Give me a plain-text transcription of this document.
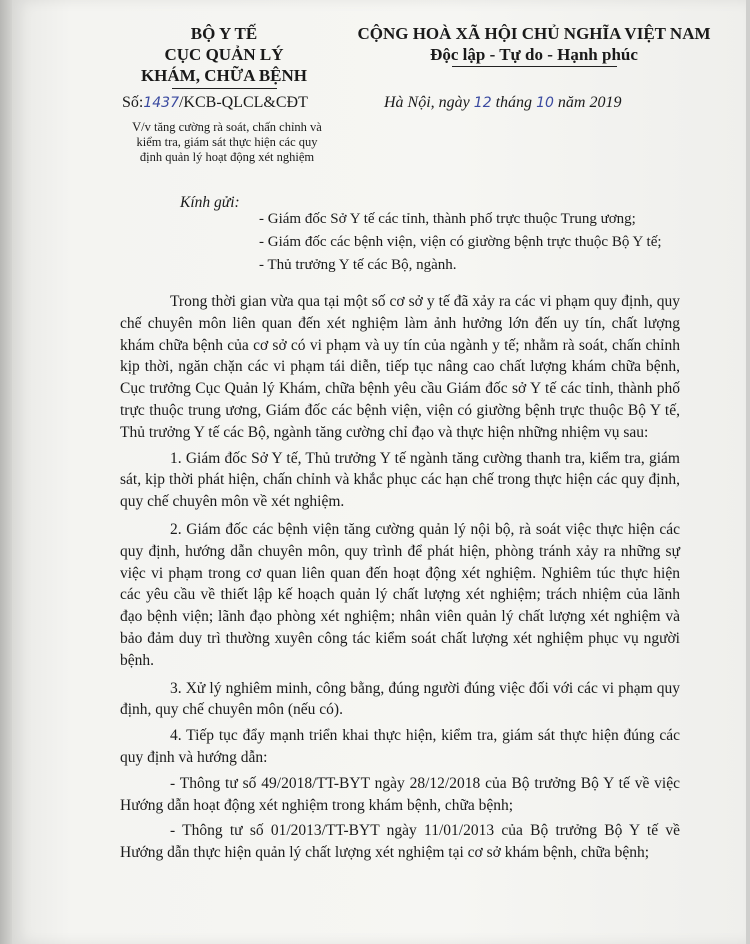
BỘ Y TẾ
CỤC QUẢN LÝ
KHÁM, CHỮA BỆNH
CỘNG HOÀ XÃ HỘI CHỦ NGHĨA VIỆT NAM
Độc lập - Tự do - Hạnh phúc
Số:1437/KCB-QLCL&CĐT	Hà Nội, ngày 12 tháng 10 năm 2019
V/v tăng cường rà soát, chấn chỉnh và
kiểm tra, giám sát thực hiện các quy
định quản lý hoạt động xét nghiệm
Kính gửi:
- Giám đốc Sở Y tế các tỉnh, thành phố trực thuộc Trung ương;
- Giám đốc các bệnh viện, viện có giường bệnh trực thuộc Bộ Y tế;
- Thủ trưởng Y tế các Bộ, ngành.

Trong thời gian vừa qua tại một số cơ sở y tế đã xảy ra các vi phạm quy định, quy chế chuyên môn liên quan đến xét nghiệm làm ảnh hưởng lớn đến uy tín, chất lượng khám chữa bệnh của cơ sở có vi phạm và uy tín của ngành y tế; nhằm rà soát, chấn chỉnh kịp thời, ngăn chặn các vi phạm tái diễn, tiếp tục nâng cao chất lượng khám chữa bệnh, Cục trưởng Cục Quản lý Khám, chữa bệnh yêu cầu Giám đốc sở Y tế các tỉnh, thành phố trực thuộc trung ương, Giám đốc các bệnh viện, viện có giường bệnh trực thuộc Bộ Y tế, Thủ trưởng Y tế các Bộ, ngành tăng cường chỉ đạo và thực hiện những nhiệm vụ sau:

1. Giám đốc Sở Y tế, Thủ trưởng Y tế ngành tăng cường thanh tra, kiểm tra, giám sát, kịp thời phát hiện, chấn chỉnh và khắc phục các hạn chế trong thực hiện các quy định, quy chế chuyên môn về xét nghiệm.

2. Giám đốc các bệnh viện tăng cường quản lý nội bộ, rà soát việc thực hiện các quy định, hướng dẫn chuyên môn, quy trình để phát hiện, phòng tránh xảy ra những sự việc vi phạm trong cơ quan liên quan đến hoạt động xét nghiệm. Nghiêm túc thực hiện các yêu cầu về thiết lập kế hoạch quản lý chất lượng xét nghiệm; trách nhiệm của lãnh đạo bệnh viện; lãnh đạo phòng xét nghiệm; nhân viên quản lý chất lượng xét nghiệm và bảo đảm duy trì thường xuyên công tác kiểm soát chất lượng xét nghiệm phục vụ người bệnh.

3. Xử lý nghiêm minh, công bằng, đúng người đúng việc đối với các vi phạm quy định, quy chế chuyên môn (nếu có).

4. Tiếp tục đẩy mạnh triển khai thực hiện, kiểm tra, giám sát thực hiện đúng các quy định và hướng dẫn:

- Thông tư số 49/2018/TT-BYT ngày 28/12/2018 của Bộ trưởng Bộ Y tế về việc Hướng dẫn hoạt động xét nghiệm trong khám bệnh, chữa bệnh;

- Thông tư số 01/2013/TT-BYT ngày 11/01/2013 của Bộ trưởng Bộ Y tế về Hướng dẫn thực hiện quản lý chất lượng xét nghiệm tại cơ sở khám bệnh, chữa bệnh;
